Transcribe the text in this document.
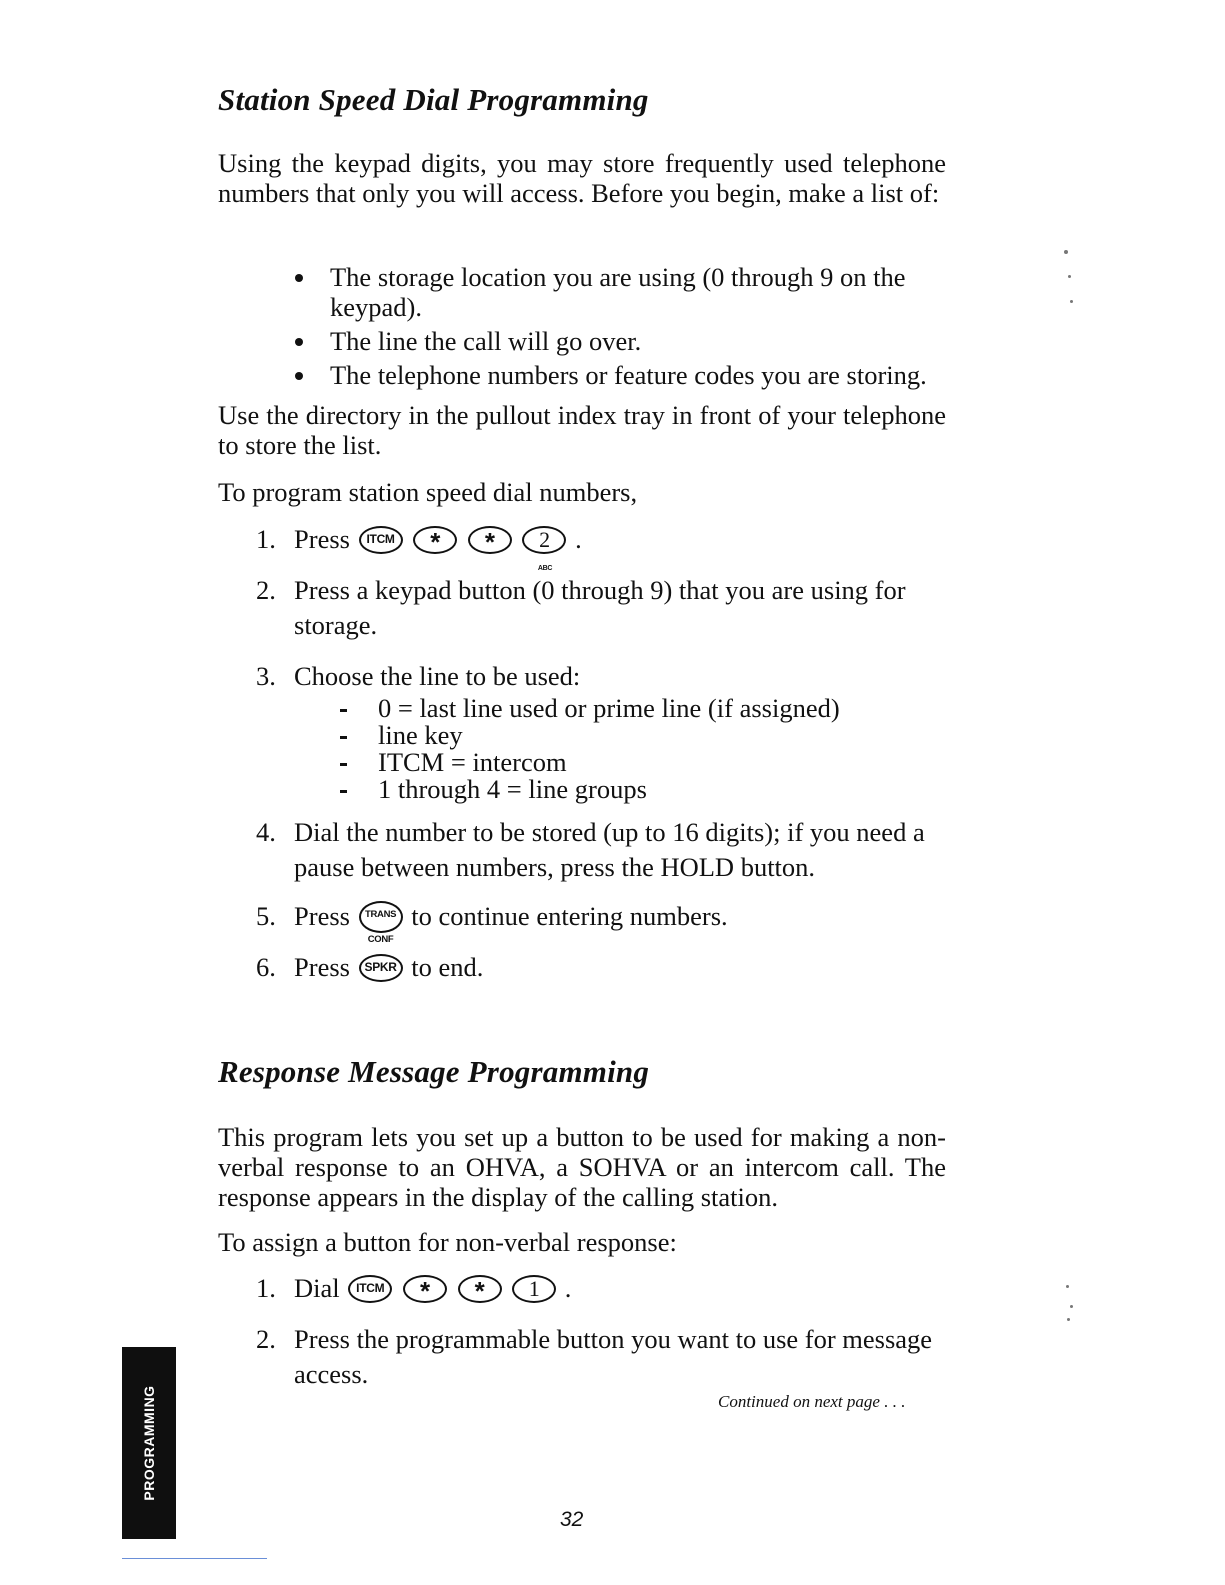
Station Speed Dial Programming

Using the keypad digits, you may store frequently used telephone numbers that only you will access. Before you begin, make a list of:

The storage location you are using (0 through 9 on the keypad).
The line the call will go over.
The telephone numbers or feature codes you are storing.

Use the directory in the pullout index tray in front of your telephone to store the list.

To program station speed dial numbers,

1. Press	ITCM
	*
	*
	2
ABC
.
2. Press a keypad button (0 through 9) that you are using for storage.
3. Choose the line to be used:
0 = last line used or prime line (if assigned)
line key
ITCM = intercom
1 through 4 = line groups
4. Dial the number to be stored (up to 16 digits); if you need a pause between numbers, press the HOLD button.
5. Press	TRANS

CONF
to continue entering numbers.
6. Press	SPKR to end.
Response Message Programming

This program lets you set up a button to be used for making a non-verbal response to an OHVA, a SOHVA or an intercom call. The response appears in the display of the calling station.

To assign a button for non-verbal response:

1. Dial	ITCM
	*
	*
	1 .
2. Press the programmable button you want to use for message access.
Continued on next page . . .
PROGRAMMING
32
